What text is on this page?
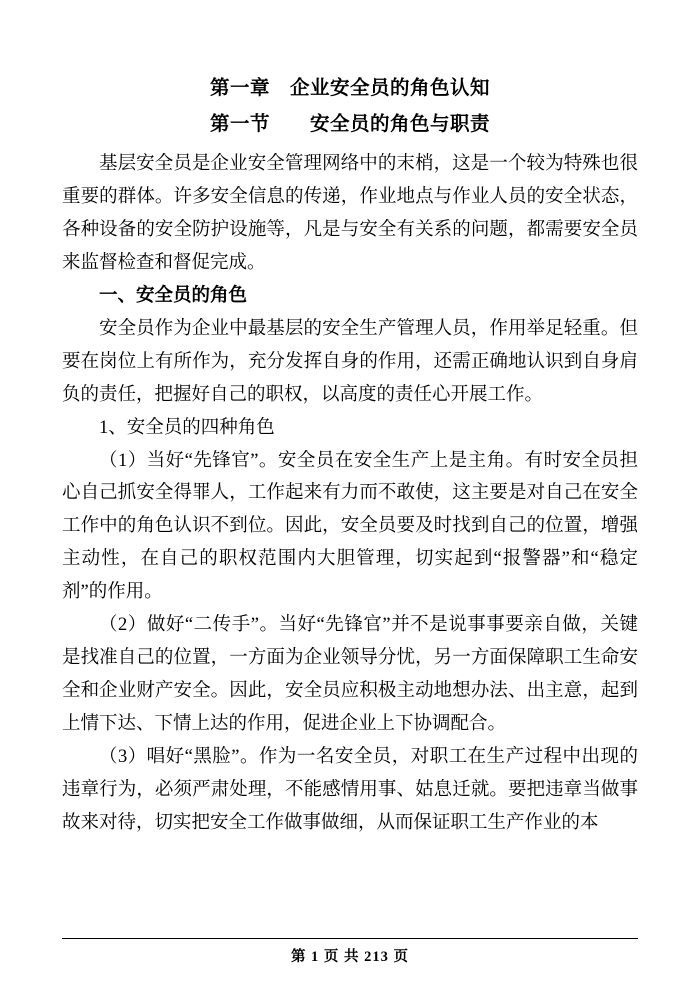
第一章　企业安全员的角色认知
第一节　　安全员的角色与职责

基层安全员是企业安全管理网络中的末梢，这是一个较为特殊也很重要的群体。许多安全信息的传递，作业地点与作业人员的安全状态，各种设备的安全防护设施等，凡是与安全有关系的问题，都需要安全员来监督检查和督促完成。

一、安全员的角色

安全员作为企业中最基层的安全生产管理人员，作用举足轻重。但要在岗位上有所作为，充分发挥自身的作用，还需正确地认识到自身肩负的责任，把握好自己的职权，以高度的责任心开展工作。

1、安全员的四种角色

（1）当好“先锋官”。安全员在安全生产上是主角。有时安全员担心自己抓安全得罪人，工作起来有力而不敢使，这主要是对自己在安全工作中的角色认识不到位。因此，安全员要及时找到自己的位置，增强主动性，在自己的职权范围内大胆管理，切实起到“报警器”和“稳定剂”的作用。

（2）做好“二传手”。当好“先锋官”并不是说事事要亲自做，关键是找准自己的位置，一方面为企业领导分忧，另一方面保障职工生命安全和企业财产安全。因此，安全员应积极主动地想办法、出主意，起到上情下达、下情上达的作用，促进企业上下协调配合。

（3）唱好“黑脸”。作为一名安全员，对职工在生产过程中出现的违章行为，必须严肃处理，不能感情用事、姑息迁就。要把违章当做事故来对待，切实把安全工作做事做细，从而保证职工生产作业的本

第 1 页 共 213 页
